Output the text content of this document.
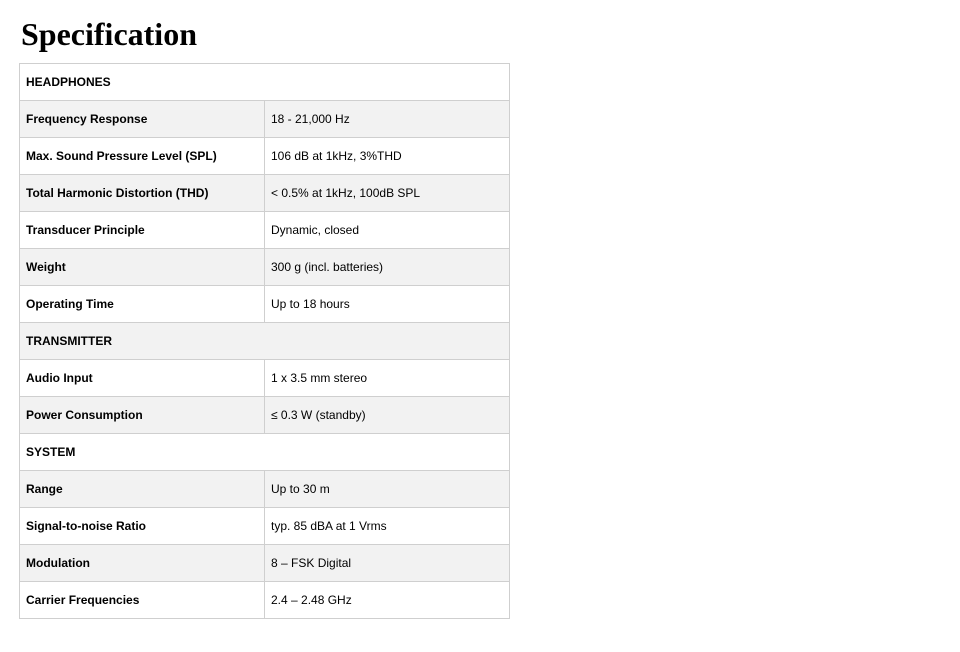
Specification
HEADPHONES	
Frequency Response	18 - 21,000 Hz
Max. Sound Pressure Level (SPL)	106 dB at 1kHz, 3%THD
Total Harmonic Distortion (THD)	< 0.5% at 1kHz, 100dB SPL
Transducer Principle	Dynamic, closed
Weight	300 g (incl. batteries)
Operating Time	Up to 18 hours
TRANSMITTER	
Audio Input	1 x 3.5 mm stereo
Power Consumption	≤ 0.3 W (standby)
SYSTEM	
Range	Up to 30 m
Signal-to-noise Ratio	typ. 85 dBA at 1 Vrms
Modulation	8 – FSK Digital
Carrier Frequencies	2.4 – 2.48 GHz
